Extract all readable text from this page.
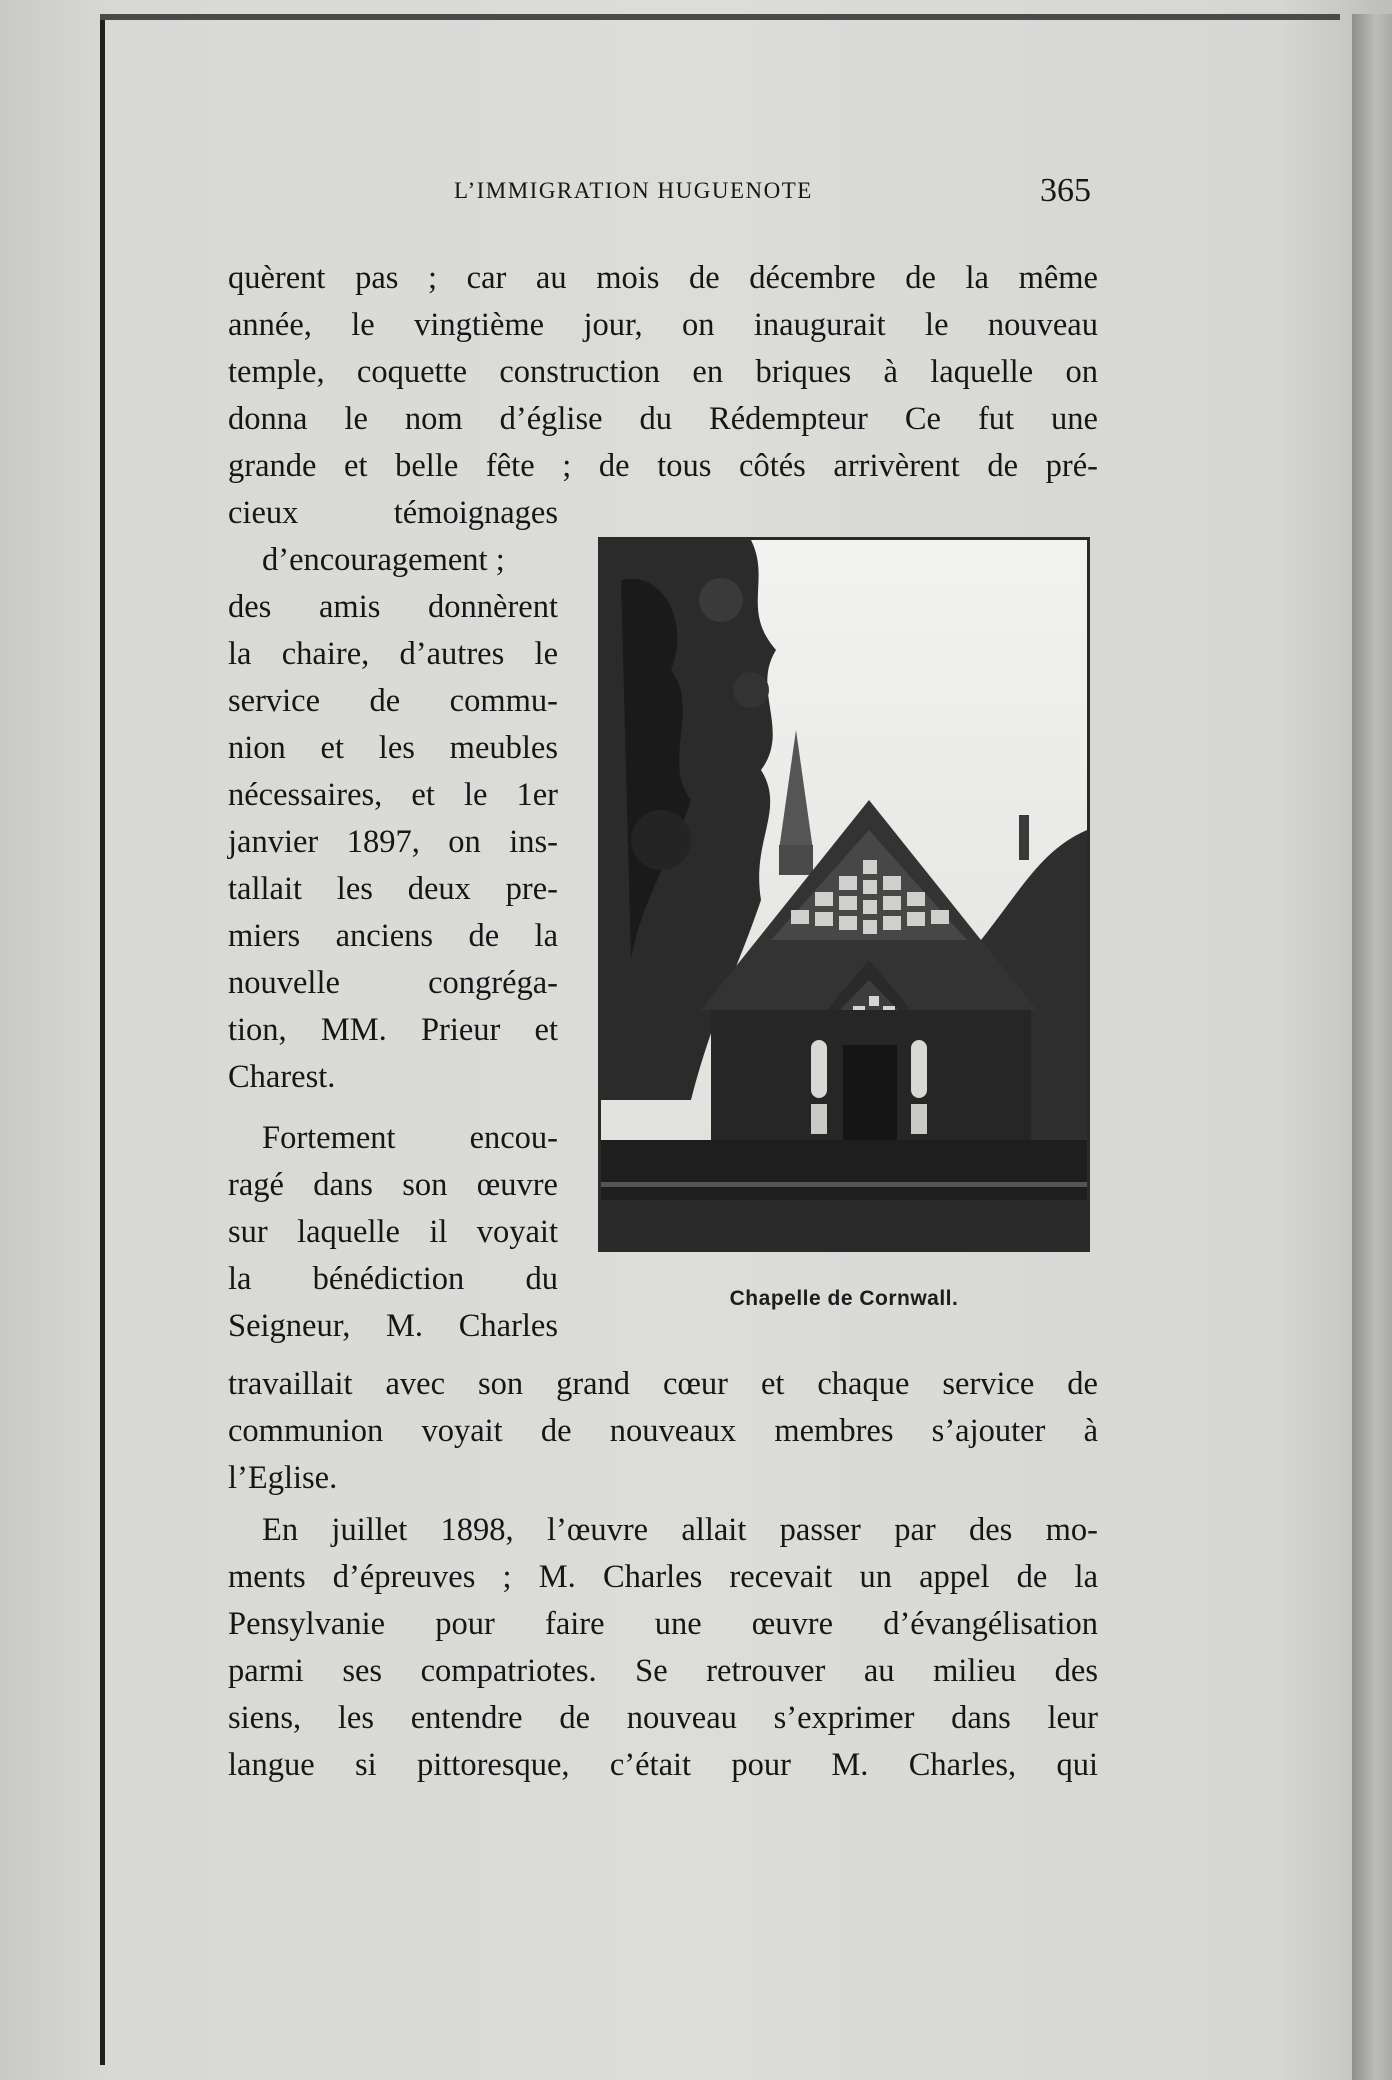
L’IMMIGRATION HUGUENOTE	365
quèrent pas ; car au mois de décembre de la même
année, le vingtième jour, on inaugurait le nouveau
temple, coquette construction en briques à laquelle on
donna le nom d’église du Rédempteur Ce fut une
grande et belle fête ; de tous côtés arrivèrent de pré-
cieux témoignages
d’encouragement ;
des amis donnèrent
la chaire, d’autres le
service de commu-
nion et les meubles
nécessaires, et le 1er
janvier 1897, on ins-
tallait les deux pre-
miers anciens de la
nouvelle congréga-
tion, MM. Prieur et
Charest.
Fortement encou-
ragé dans son œuvre
sur laquelle il voyait
la bénédiction du
Seigneur, M. Charles
travaillait avec son grand cœur et chaque service de
communion voyait de nouveaux membres s’ajouter à
l’Eglise.
En juillet 1898, l’œuvre allait passer par des mo-
ments d’épreuves ; M. Charles recevait un appel de la
Pensylvanie pour faire une œuvre d’évangélisation
parmi ses compatriotes. Se retrouver au milieu des
siens, les entendre de nouveau s’exprimer dans leur
langue si pittoresque, c’était pour M. Charles, qui
Chapelle de Cornwall.
